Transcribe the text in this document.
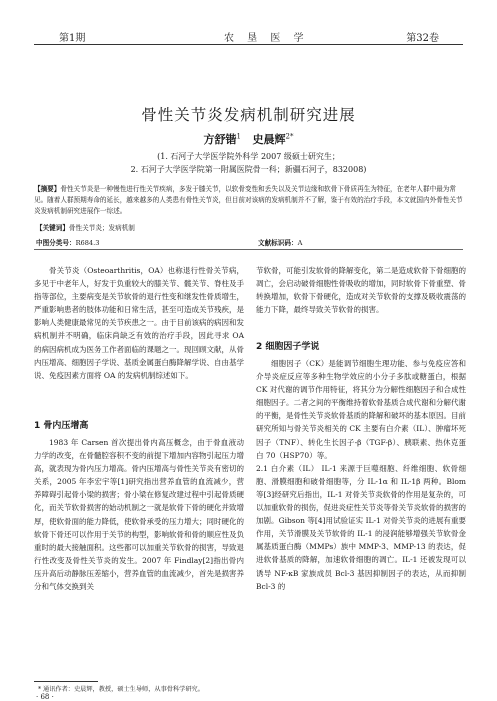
第1期	农 垦 医 学	第32卷
骨性关节炎发病机制研究进展
方舒锴$^1$ 史晨辉$^{2*}$
(1. 石河子大学医学院外科学 2007 级硕士研究生；
2. 石河子大学医学院第一附属医院骨一科；新疆石河子，832008)
【摘要】骨性关节炎是一种慢性进行性关节疾病，多发于膝关节，以软骨变性和丢失以及关节边缘和软骨下骨质再生为特征，在老年人群中最为常见。随着人群预期寿命的延长，越来越多的人类患有骨性关节炎，但目前对该病的发病机制并不了解，鉴于有效的治疗手段，本文就国内外骨性关节炎发病机制研究进展作一综述。
【关键词】骨性关节炎；发病机制
中图分类号：R684.3	文献标识码：A

骨关节炎（Osteoarthritis，OA）也称退行性骨关节病，多见于中老年人，好发于负重较大的膝关节、髋关节、脊柱及手指等部位，主要病变是关节软骨的退行性变和继发性骨质增生，严重影响患者的肢体功能和日常生活，甚至可造成关节残疾，是影响人类健康最常见的关节疾患之一。由于目前该病的病因和发病机制并不明确，临床尚缺乏有效的治疗手段，因此寻求 OA 的病因病机成为医务工作者面临的课题之一。现回顾文献，从骨内压增高、细胞因子学说、基质金属蛋白酶降解学说、自由基学说、免疫因素方面将 OA 的发病机制综述如下。

1 骨内压增高

1983 年 Carsen 首次提出骨内高压概念，由于骨血液动力学的改变，在骨髓腔容积不变的前提下增加内容物引起压力增高，就表现为骨内压力增高。骨内压增高与骨性关节炎有密切的关系，2005 年李宏宇等[1]研究指出营养血管的血流减少，营养障碍引起骨小梁的损害；骨小梁在修复改建过程中引起骨质硬化，而关节软骨损害的始动机制之一就是软骨下骨的硬化并致增厚，使软骨面的能力降低，使软骨承受的压力增大；同时硬化的软骨下骨还可以作用于关节的构型，影响软骨和骨的顺应性及负重时的最大接触面积。这些都可以加重关节软骨的损害，导致退行性改变及骨性关节炎的发生。2007 年 Findlay[2]指出骨内压升高后动静脉压差缩小，营养血管的血流减少，首先是损害养分和气体交换到关

节软骨，可能引发软骨的降解变化，第二是造成软骨下骨细胞的凋亡，会启动破骨细胞性骨吸收的增加，同时软骨下骨重塑、骨转换增加，软骨下骨硬化，造成对关节软骨的支撑及吸收震荡的能力下降，最终导致关节软骨的损害。

2 细胞因子学说

细胞因子（CK）是能调节细胞生理功能、参与免疫应答和介导炎症反应等多种生物学效应的小分子多肽或糖蛋白，根据 CK 对代谢的调节作用特征，将其分为分解性细胞因子和合成性细胞因子。二者之间的平衡维持着软骨基质合成代谢和分解代谢的平衡，是骨性关节炎软骨基质的降解和破坏的基本原因。目前研究所知与骨关节炎相关的 CK 主要有白介素（IL）、肿瘤坏死因子（TNF）、转化生长因子-β（TGF-β）、胰联素、热休克蛋白 70（HSP70）等。

2.1 白介素（IL） IL-1 来源于巨噬细胞、纤维细胞、软骨细胞、滑膜细胞和破骨细胞等，分 IL-1α 和 IL-1β 两种。Blom 等[3]经研究后指出，IL-1 对骨关节炎软骨的作用是复杂的，可以加重软骨的损伤，促进炎症性关节炎等骨关节炎软骨的损害的加剧。Gibson 等[4]用试验证实 IL-1 对骨关节炎的进展有重要作用，关节滑膜及关节软骨的 IL-1 的浸润能够增强关节软骨金属基质蛋白酶（MMPs）族中 MMP-3、MMP-13 的表达，促进软骨基质的降解，加速软骨细胞的凋亡。IL-1 还被发现可以诱导 NF-κB 家族成员 Bcl-3 基因抑制因子的表达，从而抑制 Bcl-3 的

* 通讯作者：史晨辉，教授，硕士生导师，从事骨科学研究。
· 68 ·
